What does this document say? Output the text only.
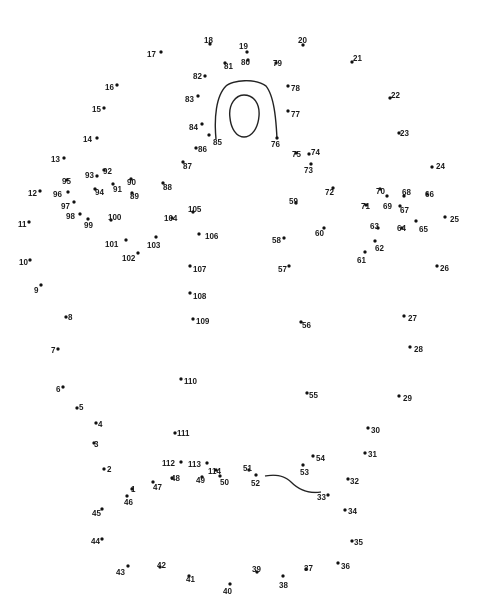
1
2
3
4
5
6
7
8
9
10
11
12
13
14
15
16
17
18
19
20
21
22
23
24
25
26
27
28
29
30
31
32
33
34
35
36
37
38
39
40
41
42
43
44
45
46
47
48 49 50
51
52
53
54
55
56
57
58
59
60
61
62
63 64 65
66
67
68
69
70
71
72
73
74
75
76
77
78
79
80
81
82
83
84
85
86
87
88
89
90
91
92
93
94
95
96
97
98
99
100
101
102
103
104
105
106
107
108
109
110
111
112 113
114
